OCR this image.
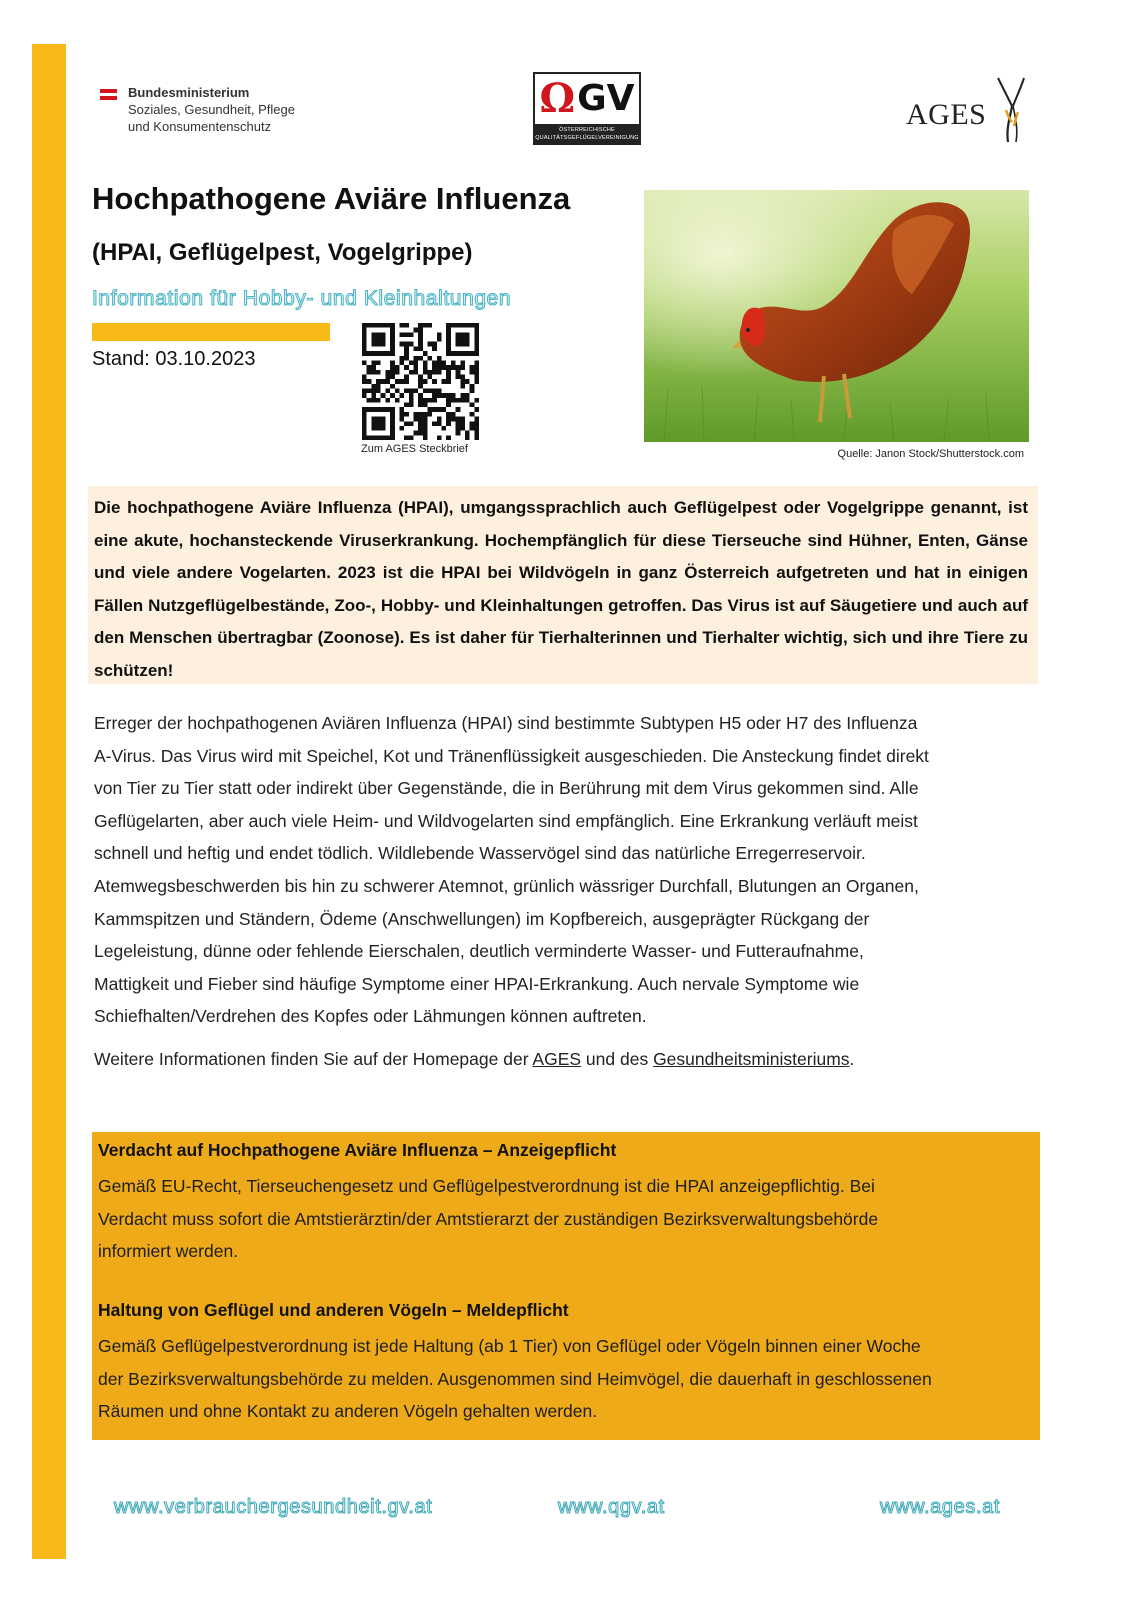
Bundesministerium
Soziales, Gesundheit, Pflege
und Konsumentenschutz
Ω GV
ÖSTERREICHISCHE
QUALITÄTSGEFLÜGELVEREINIGUNG
AGES
Hochpathogene Aviäre Influenza
(HPAI, Geflügelpest, Vogelgrippe)
Information für Hobby- und Kleinhaltungen
Stand: 03.10.2023
Zum AGES Steckbrief	Quelle: Janon Stock/Shutterstock.com
Die hochpathogene Aviäre Influenza (HPAI), umgangssprachlich auch Geflügelpest oder Vogelgrippe genannt, ist eine akute, hochansteckende Viruserkrankung. Hochempfänglich für diese Tierseuche sind Hühner, Enten, Gänse und viele andere Vogelarten. 2023 ist die HPAI bei Wildvögeln in ganz Österreich aufgetreten und hat in einigen Fällen Nutzgeflügelbestände, Zoo-, Hobby- und Kleinhaltungen getroffen. Das Virus ist auf Säugetiere und auch auf den Menschen übertragbar (Zoonose). Es ist daher für Tierhalterinnen und Tierhalter wichtig, sich und ihre Tiere zu schützen!
Erreger der hochpathogenen Aviären Influenza (HPAI) sind bestimmte Subtypen H5 oder H7 des Influenza
A-Virus. Das Virus wird mit Speichel, Kot und Tränenflüssigkeit ausgeschieden. Die Ansteckung findet direkt
von Tier zu Tier statt oder indirekt über Gegenstände, die in Berührung mit dem Virus gekommen sind. Alle
Geflügelarten, aber auch viele Heim- und Wildvogelarten sind empfänglich. Eine Erkrankung verläuft meist
schnell und heftig und endet tödlich. Wildlebende Wasservögel sind das natürliche Erregerreservoir.
Atemwegsbeschwerden bis hin zu schwerer Atemnot, grünlich wässriger Durchfall, Blutungen an Organen,
Kammspitzen und Ständern, Ödeme (Anschwellungen) im Kopfbereich, ausgeprägter Rückgang der
Legeleistung, dünne oder fehlende Eierschalen, deutlich verminderte Wasser- und Futteraufnahme,
Mattigkeit und Fieber sind häufige Symptome einer HPAI-Erkrankung. Auch nervale Symptome wie
Schiefhalten/Verdrehen des Kopfes oder Lähmungen können auftreten.
Weitere Informationen finden Sie auf der Homepage der AGES und des Gesundheitsministeriums.
Verdacht auf Hochpathogene Aviäre Influenza – Anzeigepflicht

Gemäß EU-Recht, Tierseuchengesetz und Geflügelpestverordnung ist die HPAI anzeigepflichtig. Bei
Verdacht muss sofort die Amtstierärztin/der Amtstierarzt der zuständigen Bezirksverwaltungsbehörde
informiert werden.

Haltung von Geflügel und anderen Vögeln – Meldepflicht

Gemäß Geflügelpestverordnung ist jede Haltung (ab 1 Tier) von Geflügel oder Vögeln binnen einer Woche
der Bezirksverwaltungsbehörde zu melden. Ausgenommen sind Heimvögel, die dauerhaft in geschlossenen
Räumen und ohne Kontakt zu anderen Vögeln gehalten werden.

www.verbrauchergesundheit.gv.at	www.qgv.at	www.ages.at
